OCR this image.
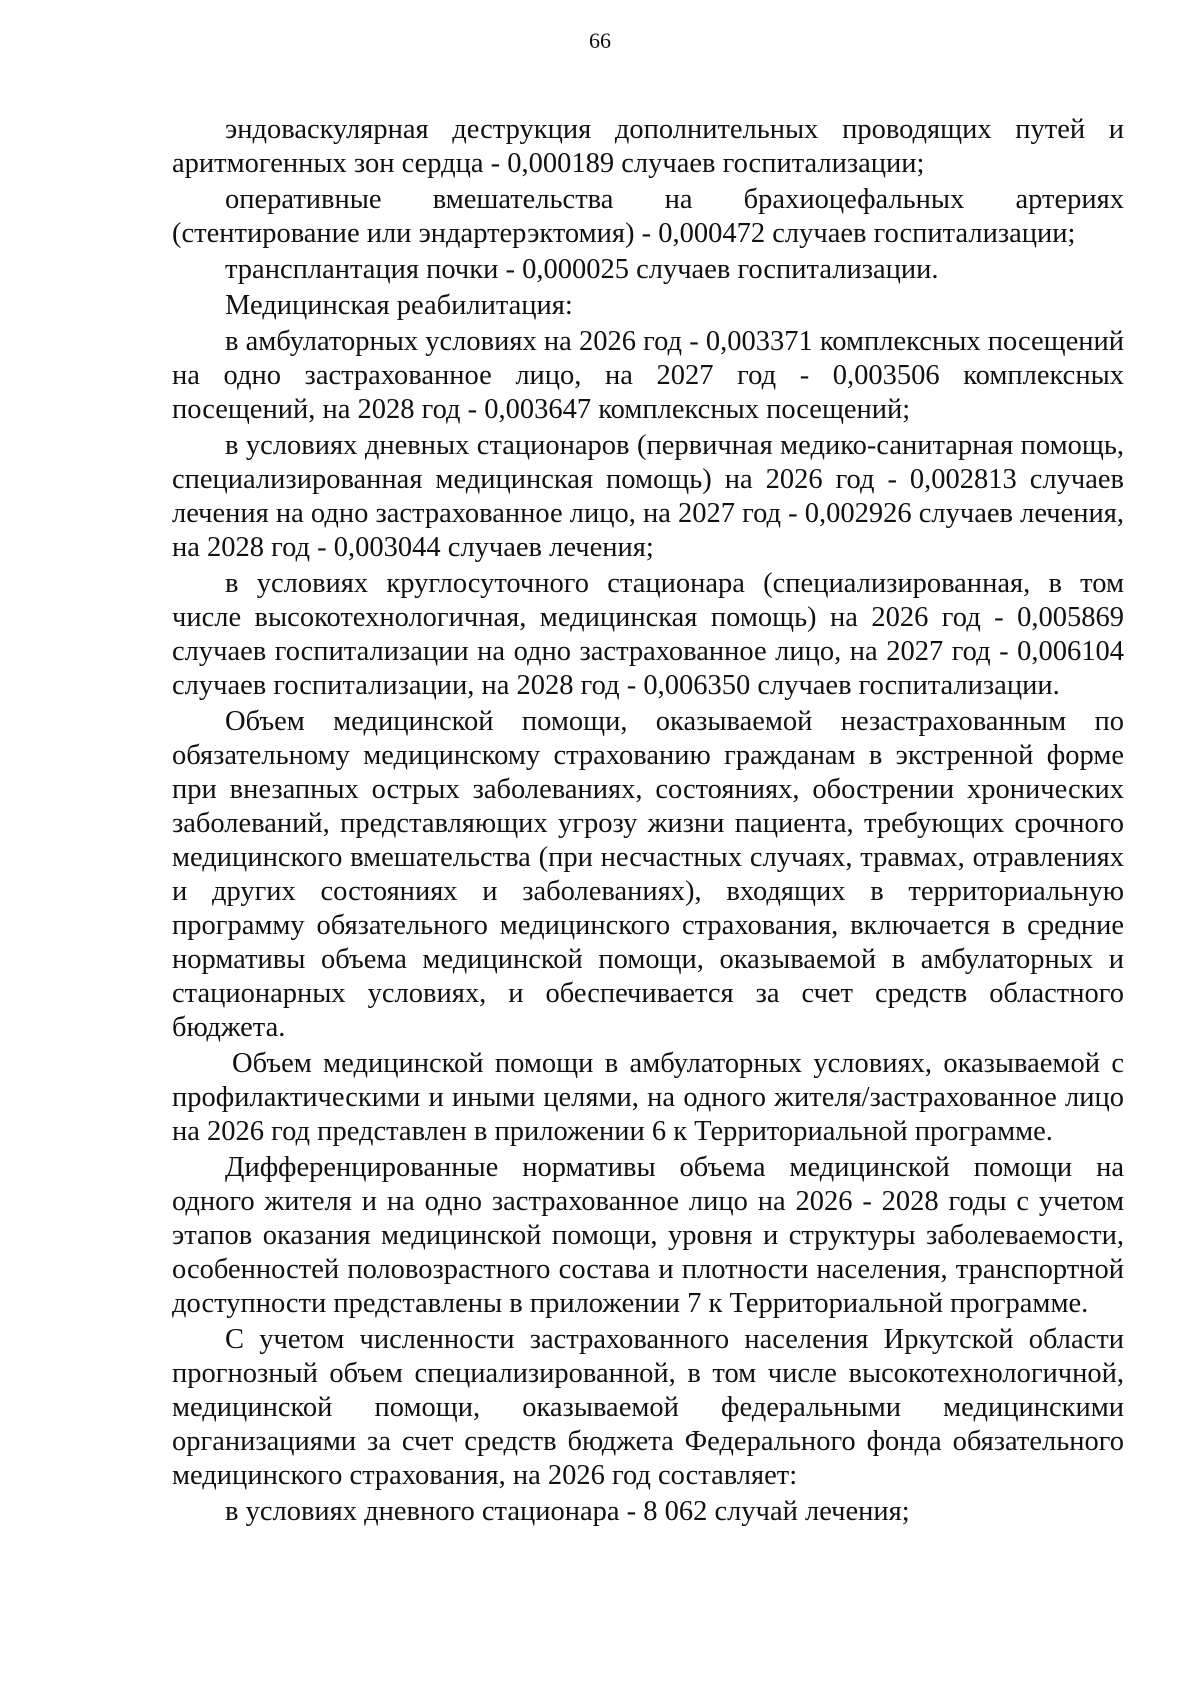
66

эндоваскулярная деструкция дополнительных проводящих путей и аритмогенных зон сердца - 0,000189 случаев госпитализации;

оперативные вмешательства на брахиоцефальных артериях (стентирование или эндартерэктомия) - 0,000472 случаев госпитализации;

трансплантация почки - 0,000025 случаев госпитализации.

Медицинская реабилитация:

в амбулаторных условиях на 2026 год - 0,003371 комплексных посещений на одно застрахованное лицо, на 2027 год - 0,003506 комплексных посещений, на 2028 год - 0,003647 комплексных посещений;

в условиях дневных стационаров (первичная медико-санитарная помощь, специализированная медицинская помощь) на 2026 год - 0,002813 случаев лечения на одно застрахованное лицо, на 2027 год - 0,002926 случаев лечения, на 2028 год - 0,003044 случаев лечения;

в условиях круглосуточного стационара (специализированная, в том числе высокотехнологичная, медицинская помощь) на 2026 год - 0,005869 случаев госпитализации на одно застрахованное лицо, на 2027 год - 0,006104 случаев госпитализации, на 2028 год - 0,006350 случаев госпитализации.

Объем медицинской помощи, оказываемой незастрахованным по обязательному медицинскому страхованию гражданам в экстренной форме при внезапных острых заболеваниях, состояниях, обострении хронических заболеваний, представляющих угрозу жизни пациента, требующих срочного медицинского вмешательства (при несчастных случаях, травмах, отравлениях и других состояниях и заболеваниях), входящих в территориальную программу обязательного медицинского страхования, включается в средние нормативы объема медицинской помощи, оказываемой в амбулаторных и стационарных условиях, и обеспечивается за счет средств областного бюджета.

Объем медицинской помощи в амбулаторных условиях, оказываемой с профилактическими и иными целями, на одного жителя/застрахованное лицо на 2026 год представлен в приложении 6 к Территориальной программе.

Дифференцированные нормативы объема медицинской помощи на одного жителя и на одно застрахованное лицо на 2026 - 2028 годы с учетом этапов оказания медицинской помощи, уровня и структуры заболеваемости, особенностей половозрастного состава и плотности населения, транспортной доступности представлены в приложении 7 к Территориальной программе.

С учетом численности застрахованного населения Иркутской области прогнозный объем специализированной, в том числе высокотехнологичной, медицинской помощи, оказываемой федеральными медицинскими организациями за счет средств бюджета Федерального фонда обязательного медицинского страхования, на 2026 год составляет:

в условиях дневного стационара - 8 062 случай лечения;
